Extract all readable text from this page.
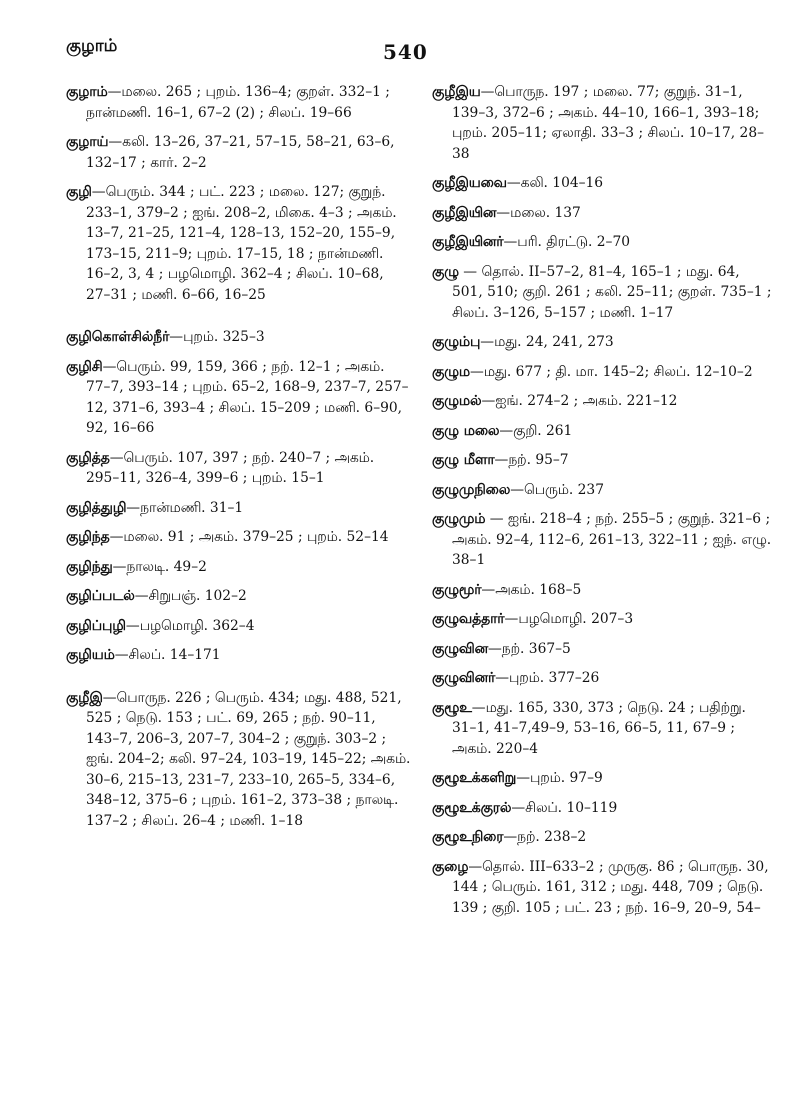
குழாம்	540
குழாம்—மலை. 265 ; புறம். 136–4; குறள். 332–1 ; நான்மணி. 16–1, 67–2 (2) ; சிலப். 19–66
குழாய்—கலி. 13–26, 37–21, 57–15, 58–21, 63–6, 132–17 ; கார். 2–2
குழி—பெரும். 344 ; பட். 223 ; மலை. 127; குறுந். 233–1, 379–2 ; ஐங். 208–2, மிகை. 4–3 ; அகம். 13–7, 21–25, 121–4, 128–13, 152–20, 155–9, 173–15, 211–9; புறம். 17–15, 18 ; நான்மணி. 16–2, 3, 4 ; பழமொழி. 362–4 ; சிலப். 10–68, 27–31 ; மணி. 6–66, 16–25
குழிகொள்சில்நீர்—புறம். 325–3
குழிசி—பெரும். 99, 159, 366 ; நற். 12–1 ; அகம். 77–7, 393–14 ; புறம். 65–2, 168–9, 237–7, 257–12, 371–6, 393–4 ; சிலப். 15–209 ; மணி. 6–90, 92, 16–66
குழித்த—பெரும். 107, 397 ; நற். 240–7 ; அகம். 295–11, 326–4, 399–6 ; புறம். 15–1
குழித்துழி—நான்மணி. 31–1
குழிந்த—மலை. 91 ; அகம். 379–25 ; புறம். 52–14
குழிந்து—நாலடி. 49–2
குழிப்படல்—சிறுபஞ். 102–2
குழிப்புழி—பழமொழி. 362–4
குழியம்—சிலப். 14–171
குழீஇ—பொருந. 226 ; பெரும். 434; மது. 488, 521, 525 ; நெடு. 153 ; பட். 69, 265 ; நற். 90–11, 143–7, 206–3, 207–7, 304–2 ; குறுந். 303–2 ; ஐங். 204–2; கலி. 97–24, 103–19, 145–22; அகம். 30–6, 215–13, 231–7, 233–10, 265–5, 334–6, 348–12, 375–6 ; புறம். 161–2, 373–38 ; நாலடி. 137–2 ; சிலப். 26–4 ; மணி. 1–18
குழீஇய—பொருந. 197 ; மலை. 77; குறுந். 31–1, 139–3, 372–6 ; அகம். 44–10, 166–1, 393–18; புறம். 205–11; ஏலாதி. 33–3 ; சிலப். 10–17, 28–38
குழீஇயவை—கலி. 104–16
குழீஇயின—மலை. 137
குழீஇயினர்—பரி. திரட்டு. 2–70
குழு — தொல். II–57–2, 81–4, 165–1 ; மது. 64, 501, 510; குறி. 261 ; கலி. 25–11; குறள். 735–1 ; சிலப். 3–126, 5–157 ; மணி. 1–17
குழும்பு—மது. 24, 241, 273
குழும—மது. 677 ; தி. மா. 145–2; சிலப். 12–10–2
குழுமல்—ஐங். 274–2 ; அகம். 221–12
குழு மலை—குறி. 261
குழு மீளா—நற். 95–7
குழுமுநிலை—பெரும். 237
குழுமும் — ஐங். 218–4 ; நற். 255–5 ; குறுந். 321–6 ; அகம். 92–4, 112–6, 261–13, 322–11 ; ஐந். எழு. 38–1
குழுமூர்—அகம். 168–5
குழுவத்தார்—பழமொழி. 207–3
குழுவின—நற். 367–5
குழுவினர்—புறம். 377–26
குழூஉ—மது. 165, 330, 373 ; நெடு. 24 ; பதிற்று. 31–1, 41–7,49–9, 53–16, 66–5, 11, 67–9 ; அகம். 220–4
குழூஉக்களிறு—புறம். 97–9
குழூஉக்குரல்—சிலப். 10–119
குழூஉநிரை—நற். 238–2
குழை—தொல். III–633–2 ; முருகு. 86 ; பொருந. 30, 144 ; பெரும். 161, 312 ; மது. 448, 709 ; நெடு. 139 ; குறி. 105 ; பட். 23 ; நற். 16–9, 20–9, 54–
